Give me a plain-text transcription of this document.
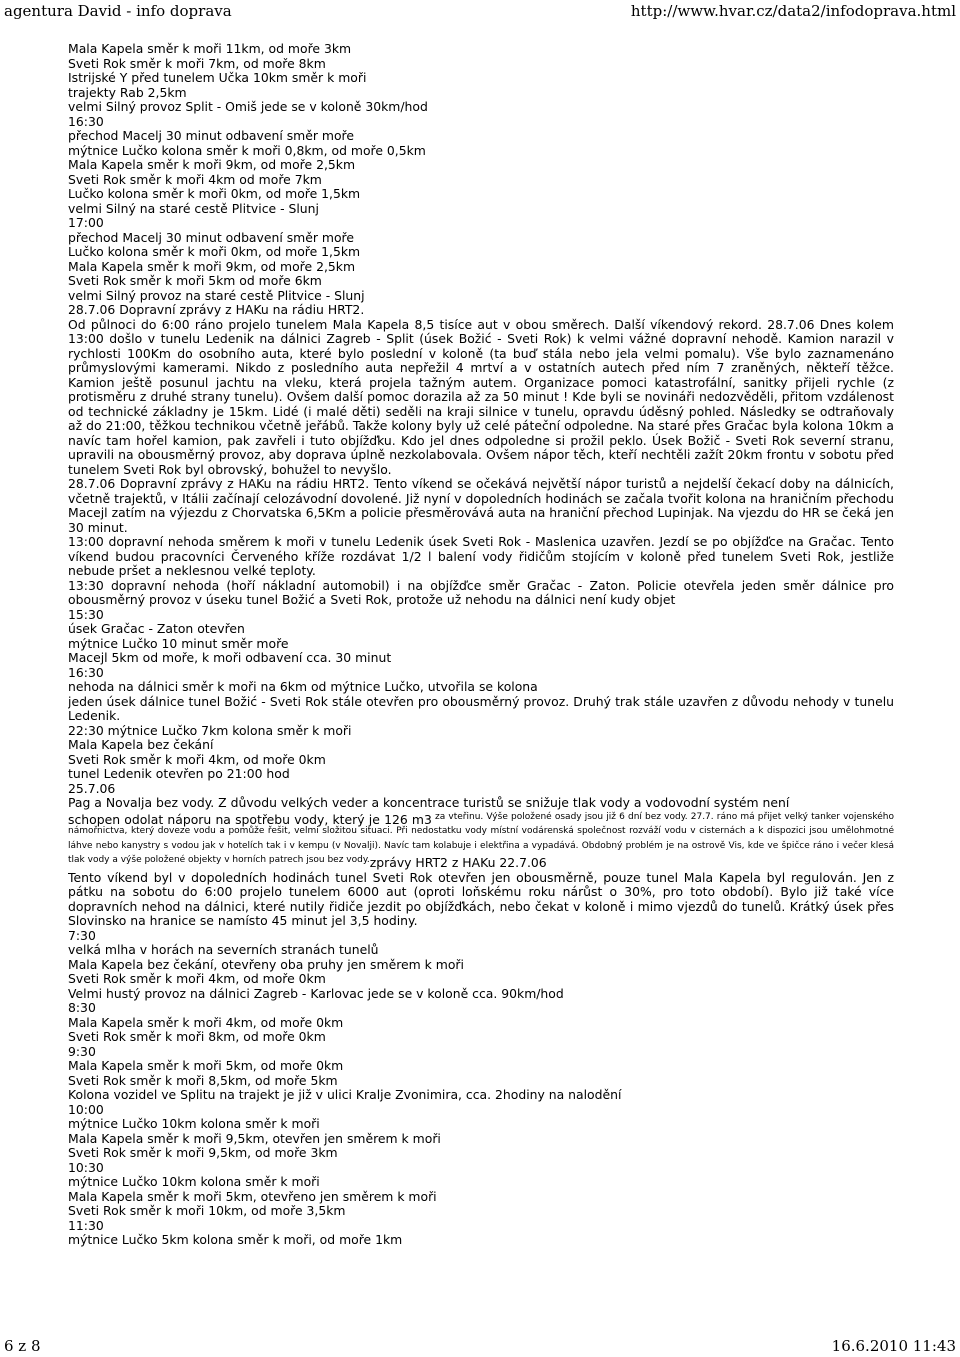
agentura David - info doprava	http://www.hvar.cz/data2/infodoprava.html

Mala Kapela směr k moři 11km, od moře 3km

Sveti Rok směr k moři 7km, od moře 8km

Istrijské Y před tunelem Učka 10km směr k moři

trajekty Rab 2,5km

velmi Silný provoz Split - Omiš jede se v koloně 30km/hod

16:30

přechod Macelj 30 minut odbavení směr moře

mýtnice Lučko kolona směr k moři 0,8km, od moře 0,5km

Mala Kapela směr k moři 9km, od moře 2,5km

Sveti Rok směr k moři 4km od moře 7km

Lučko kolona směr k moři 0km, od moře 1,5km

velmi Silný na staré cestě Plitvice - Slunj

17:00

přechod Macelj 30 minut odbavení směr moře

Lučko kolona směr k moři 0km, od moře 1,5km

Mala Kapela směr k moři 9km, od moře 2,5km

Sveti Rok směr k moři 5km od moře 6km

velmi Silný provoz na staré cestě Plitvice - Slunj

28.7.06 Dopravní zprávy z HAKu na rádiu HRT2.

Od půlnoci do 6:00 ráno projelo tunelem Mala Kapela 8,5 tisíce aut v obou směrech. Další víkendový rekord. 28.7.06 Dnes kolem 13:00 došlo v tunelu Ledenik na dálnici Zagreb - Split (úsek Božić - Sveti Rok) k velmi vážné dopravní nehodě. Kamion narazil v rychlosti 100Km do osobního auta, které bylo poslední v koloně (ta buď stála nebo jela velmi pomalu). Vše bylo zaznamenáno průmyslovými kamerami. Nikdo z posledního auta nepřežil 4 mrtví a v ostatních autech před ním 7 zraněných, někteří těžce. Kamion ještě posunul jachtu na vleku, která projela tažným autem. Organizace pomoci katastrofální, sanitky přijeli rychle (z protisměru z druhé strany tunelu). Ovšem další pomoc dorazila až za 50 minut ! Kde byli se novináři nedozvěděli, přitom vzdálenost od technické základny je 15km. Lidé (i malé děti) seděli na kraji silnice v tunelu, opravdu úděsný pohled. Následky se odtraňovaly až do 21:00, těžkou technikou včetně jeřábů. Takže kolony byly už celé páteční odpoledne. Na staré přes Gračac byla kolona 10km a navíc tam hořel kamion, pak zavřeli i tuto objížďku. Kdo jel dnes odpoledne si prožil peklo. Úsek Božič - Sveti Rok severní stranu, upravili na obousměrný provoz, aby doprava úplně nezkolabovala. Ovšem nápor těch, kteří nechtěli zažít 20km frontu v sobotu před tunelem Sveti Rok byl obrovský, bohužel to nevyšlo.

28.7.06 Dopravní zprávy z HAKu na rádiu HRT2. Tento víkend se očekává největší nápor turistů a nejdelší čekací doby na dálnicích, včetně trajektů, v Itálii začínají celozávodní dovolené. Již nyní v dopoledních hodinách se začala tvořit kolona na hraničním přechodu Macejl zatím na výjezdu z Chorvatska 6,5Km a policie přesměrovává auta na hraniční přechod Lupinjak. Na vjezdu do HR se čeká jen 30 minut.

13:00 dopravní nehoda směrem k moři v tunelu Ledenik úsek Sveti Rok - Maslenica uzavřen. Jezdí se po objížďce na Gračac. Tento víkend budou pracovníci Červeného kříže rozdávat 1/2 l balení vody řidičům stojícím v koloně před tunelem Sveti Rok, jestliže nebude pršet a neklesnou velké teploty.

13:30 dopravní nehoda (hoří nákladní automobil) i na objížďce směr Gračac - Zaton. Policie otevřela jeden směr dálnice pro obousměrný provoz v úseku tunel Božić a Sveti Rok, protože už nehodu na dálnici není kudy objet

15:30

úsek Gračac - Zaton otevřen

mýtnice Lučko 10 minut směr moře

Macejl 5km od moře, k moři odbavení cca. 30 minut

16:30

nehoda na dálnici směr k moři na 6km od mýtnice Lučko, utvořila se kolona

jeden úsek dálnice tunel Božić - Sveti Rok stále otevřen pro obousměrný provoz. Druhý trak stále uzavřen z důvodu nehody v tunelu Ledenik.

22:30 mýtnice Lučko 7km kolona směr k moři

Mala Kapela bez čekání

Sveti Rok směr k moři 4km, od moře 0km

tunel Ledenik otevřen po 21:00 hod

25.7.06

Pag a Novalja bez vody. Z důvodu velkých veder a koncentrace turistů se snižuje tlak vody a vodovodní systém není

schopen odolat náporu na spotřebu vody, který je 126 m3 za vteřinu. Výše položené osady jsou již 6 dní bez vody. 27.7. ráno má přijet velký tanker vojenského námořnictva, který doveze vodu a pomůže řešit, velmi složitou situaci. Při nedostatku vody místní vodárenská společnost rozváží vodu v cisternách a k dispozici jsou umělohmotné láhve nebo kanystry s vodou jak v hotelích tak i v kempu (v Novalji). Navíc tam kolabuje i elektřina a vypadává. Obdobný problém je na ostrově Vis, kde ve špičce ráno i večer klesá tlak vody a výše položené objekty v horních patrech jsou bez vody.zprávy HRT2 z HAKu 22.7.06

Tento víkend byl v dopoledních hodinách tunel Sveti Rok otevřen jen obousměrně, pouze tunel Mala Kapela byl regulován. Jen z pátku na sobotu do 6:00 projelo tunelem 6000 aut (oproti loňskému roku nárůst o 30%, pro toto období). Bylo již také více dopravních nehod na dálnici, které nutily řidiče jezdit po objížďkách, nebo čekat v koloně i mimo vjezdů do tunelů. Krátký úsek přes Slovinsko na hranice se namísto 45 minut jel 3,5 hodiny.

7:30

velká mlha v horách na severních stranách tunelů

Mala Kapela bez čekání, otevřeny oba pruhy jen směrem k moři

Sveti Rok směr k moři 4km, od moře 0km

Velmi hustý provoz na dálnici Zagreb - Karlovac jede se v koloně cca. 90km/hod

8:30

Mala Kapela směr k moři 4km, od moře 0km

Sveti Rok směr k moři 8km, od moře 0km

9:30

Mala Kapela směr k moři 5km, od moře 0km

Sveti Rok směr k moři 8,5km, od moře 5km

Kolona vozidel ve Splitu na trajekt je již v ulici Kralje Zvonimira, cca. 2hodiny na nalodění

10:00

mýtnice Lučko 10km kolona směr k moři

Mala Kapela směr k moři 9,5km, otevřen jen směrem k moři

Sveti Rok směr k moři 9,5km, od moře 3km

10:30

mýtnice Lučko 10km kolona směr k moři

Mala Kapela směr k moři 5km, otevřeno jen směrem k moři

Sveti Rok směr k moři 10km, od moře 3,5km

11:30

mýtnice Lučko 5km kolona směr k moři, od moře 1km

6 z 8	16.6.2010 11:43
